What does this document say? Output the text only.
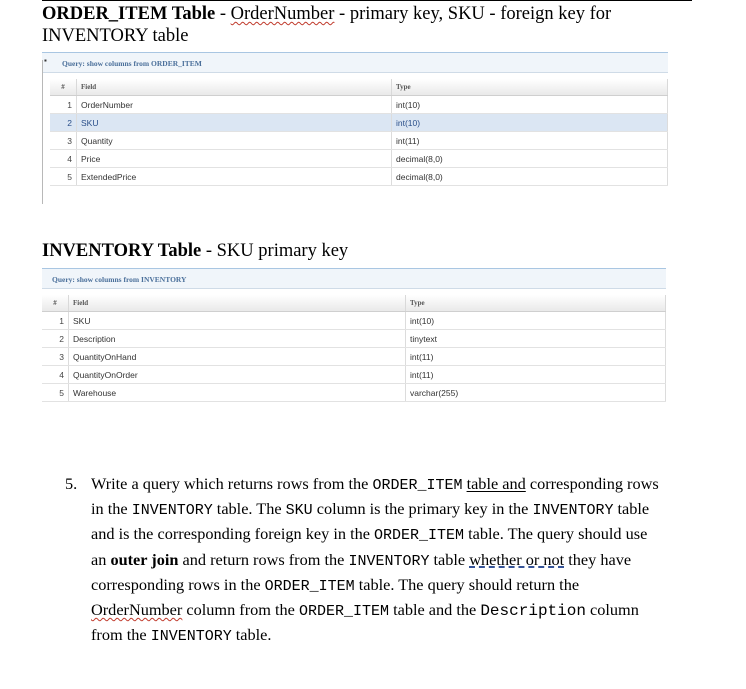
ORDER_ITEM Table - OrderNumber - primary key, SKU - foreign key for INVENTORY table
▪	Query: show columns from ORDER_ITEM
#	Field	Type
1	OrderNumber	int(10)
2	SKU	int(10)
3	Quantity	int(11)
4	Price	decimal(8,0)
5	ExtendedPrice	decimal(8,0)
INVENTORY Table - SKU primary key
Query: show columns from INVENTORY
#	Field	Type
1	SKU	int(10)
2	Description	tinytext
3	QuantityOnHand	int(11)
4	QuantityOnOrder	int(11)
5	Warehouse	varchar(255)
5. Write a query which returns rows from the ORDER_ITEM table and corresponding rows in the INVENTORY table. The SKU column is the primary key in the INVENTORY table and is the corresponding foreign key in the ORDER_ITEM table. The query should use an outer join and return rows from the INVENTORY table whether or not they have corresponding rows in the ORDER_ITEM table. The query should return the OrderNumber column from the ORDER_ITEM table and the Description column from the INVENTORY table.
